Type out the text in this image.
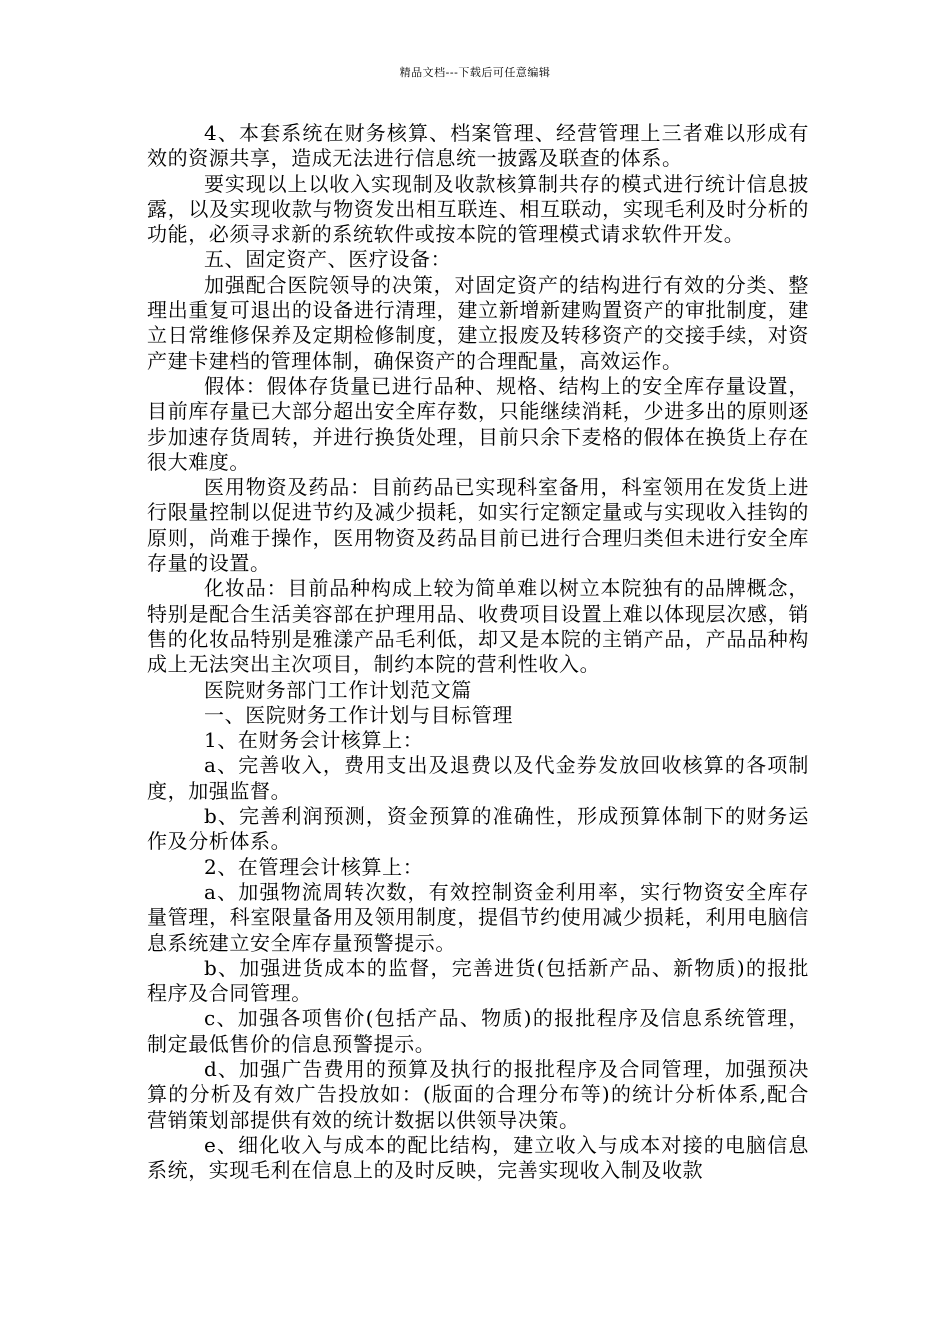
精品文档---下载后可任意编辑

4、本套系统在财务核算、档案管理、经营管理上三者难以形成有效的资源共享，造成无法进行信息统一披露及联查的体系。

要实现以上以收入实现制及收款核算制共存的模式进行统计信息披露，以及实现收款与物资发出相互联连、相互联动，实现毛利及时分析的功能，必须寻求新的系统软件或按本院的管理模式请求软件开发。

五、固定资产、医疗设备：

加强配合医院领导的决策，对固定资产的结构进行有效的分类、整理出重复可退出的设备进行清理，建立新增新建购置资产的审批制度，建立日常维修保养及定期检修制度，建立报废及转移资产的交接手续，对资产建卡建档的管理体制，确保资产的合理配量，高效运作。

假体：假体存货量已进行品种、规格、结构上的安全库存量设置，目前库存量已大部分超出安全库存数，只能继续消耗，少进多出的原则逐步加速存货周转，并进行换货处理，目前只余下麦格的假体在换货上存在很大难度。

医用物资及药品：目前药品已实现科室备用，科室领用在发货上进行限量控制以促进节约及减少损耗，如实行定额定量或与实现收入挂钩的原则，尚难于操作，医用物资及药品目前已进行合理归类但未进行安全库存量的设置。

化妆品：目前品种构成上较为简单难以树立本院独有的品牌概念，特别是配合生活美容部在护理用品、收费项目设置上难以体现层次感，销售的化妆品特别是雅漾产品毛利低，却又是本院的主销产品，产品品种构成上无法突出主次项目，制约本院的营利性收入。

医院财务部门工作计划范文篇

一、医院财务工作计划与目标管理

1、在财务会计核算上：

a、完善收入，费用支出及退费以及代金券发放回收核算的各项制度，加强监督。

b、完善利润预测，资金预算的准确性，形成预算体制下的财务运作及分析体系。

2、在管理会计核算上：

a、加强物流周转次数，有效控制资金利用率，实行物资安全库存量管理，科室限量备用及领用制度，提倡节约使用减少损耗，利用电脑信息系统建立安全库存量预警提示。

b、加强进货成本的监督，完善进货(包括新产品、新物质)的报批程序及合同管理。

c、加强各项售价(包括产品、物质)的报批程序及信息系统管理，制定最低售价的信息预警提示。

d、加强广告费用的预算及执行的报批程序及合同管理，加强预决算的分析及有效广告投放如：(版面的合理分布等)的统计分析体系,配合营销策划部提供有效的统计数据以供领导决策。

e、细化收入与成本的配比结构，建立收入与成本对接的电脑信息系统，实现毛利在信息上的及时反映，完善实现收入制及收款
